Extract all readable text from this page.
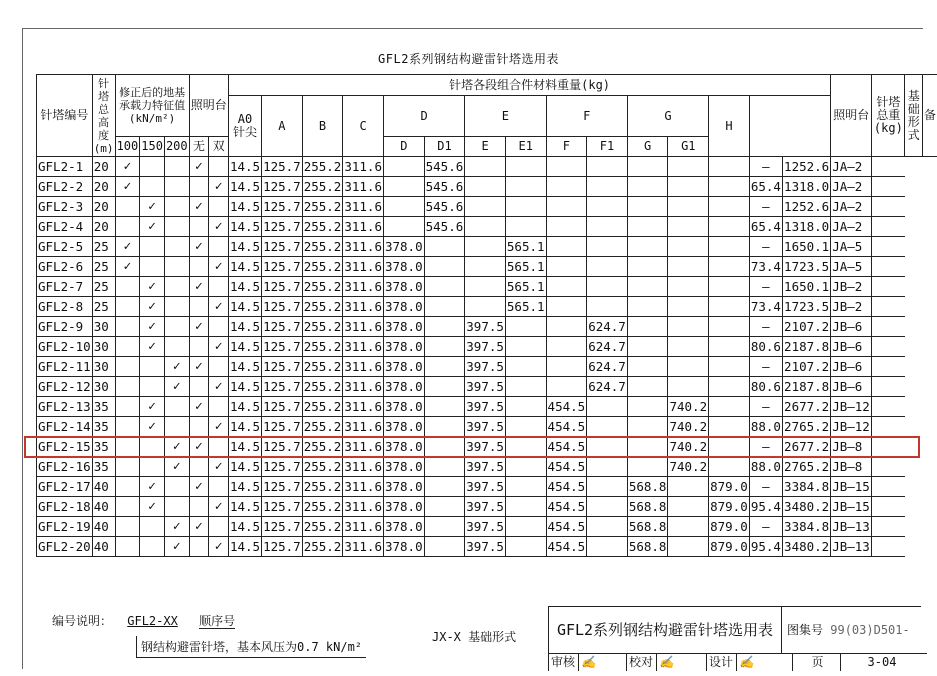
GFL2系列钢结构避雷针塔选用表
针塔编号	针塔总高度(m)	修正后的地基承载力特征值(kN/m²)			照明台		针塔各段组合件材料重量(kg)															照明台	针塔总重(kg)	基础形式	备
							A0 针尖	A	B	C	D		E		F		G		H						
		100	150	200	无	双					D	D1	E	E1	F	F1	G	G1							
GFL2-1	20	✓			✓		14.5	125.7	255.2	311.6		545.6								–	1252.6	JA–2			
GFL2-2	20	✓				✓	14.5	125.7	255.2	311.6		545.6								65.4	1318.0	JA–2			
GFL2-3	20		✓		✓		14.5	125.7	255.2	311.6		545.6								–	1252.6	JA–2			
GFL2-4	20		✓			✓	14.5	125.7	255.2	311.6		545.6								65.4	1318.0	JA–2			
GFL2-5	25	✓			✓		14.5	125.7	255.2	311.6	378.0			565.1						–	1650.1	JA–5			
GFL2-6	25	✓				✓	14.5	125.7	255.2	311.6	378.0			565.1						73.4	1723.5	JA–5			
GFL2-7	25		✓		✓		14.5	125.7	255.2	311.6	378.0			565.1						–	1650.1	JB–2			
GFL2-8	25		✓			✓	14.5	125.7	255.2	311.6	378.0			565.1						73.4	1723.5	JB–2			
GFL2-9	30		✓		✓		14.5	125.7	255.2	311.6	378.0		397.5			624.7				–	2107.2	JB–6			
GFL2-10	30		✓			✓	14.5	125.7	255.2	311.6	378.0		397.5			624.7				80.6	2187.8	JB–6			
GFL2-11	30			✓	✓		14.5	125.7	255.2	311.6	378.0		397.5			624.7				–	2107.2	JB–6			
GFL2-12	30			✓		✓	14.5	125.7	255.2	311.6	378.0		397.5			624.7				80.6	2187.8	JB–6			
GFL2-13	35		✓		✓		14.5	125.7	255.2	311.6	378.0		397.5		454.5			740.2		–	2677.2	JB–12			
GFL2-14	35		✓			✓	14.5	125.7	255.2	311.6	378.0		397.5		454.5			740.2		88.0	2765.2	JB–12			
GFL2-15	35			✓	✓		14.5	125.7	255.2	311.6	378.0		397.5		454.5			740.2		–	2677.2	JB–8			
GFL2-16	35			✓		✓	14.5	125.7	255.2	311.6	378.0		397.5		454.5			740.2		88.0	2765.2	JB–8			
GFL2-17	40		✓		✓		14.5	125.7	255.2	311.6	378.0		397.5		454.5		568.8		879.0	–	3384.8	JB–15			
GFL2-18	40		✓			✓	14.5	125.7	255.2	311.6	378.0		397.5		454.5		568.8		879.0	95.4	3480.2	JB–15			
GFL2-19	40			✓	✓		14.5	125.7	255.2	311.6	378.0		397.5		454.5		568.8		879.0	–	3384.8	JB–13			
GFL2-20	40			✓		✓	14.5	125.7	255.2	311.6	378.0		397.5		454.5		568.8		879.0	95.4	3480.2	JB–13			
编号说明： GFL2-XX 顺序号
钢结构避雷针塔，基本风压为0.7 kN/m²
JX-X 基础形式	GFL2系列钢结构避雷针塔选用表	图集号 99(03)D501-
审核 ✍	校对 ✍	设计 ✍	页	3-04
